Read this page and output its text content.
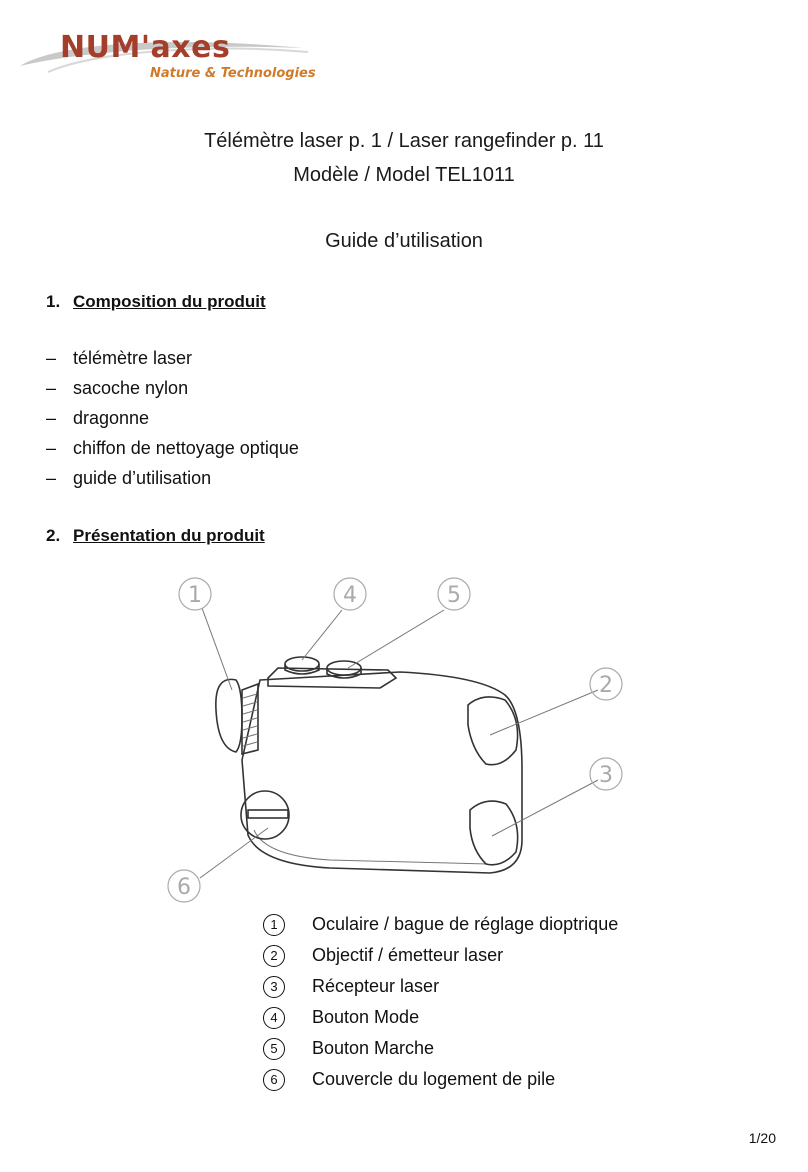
NUM'axes
Nature & Technologies
Télémètre laser p. 1 / Laser rangefinder p. 11
Modèle / Model TEL1011
Guide d’utilisation
1. Composition du produit
– télémètre laser
– sacoche nylon
– dragonne
– chiffon de nettoyage optique
– guide d’utilisation
2. Présentation du produit
1	4	5
2
3
6
1	Oculaire / bague de réglage dioptrique
2	Objectif / émetteur laser
3	Récepteur laser
4	Bouton Mode
5	Bouton Marche
6	Couvercle du logement de pile
1/20
